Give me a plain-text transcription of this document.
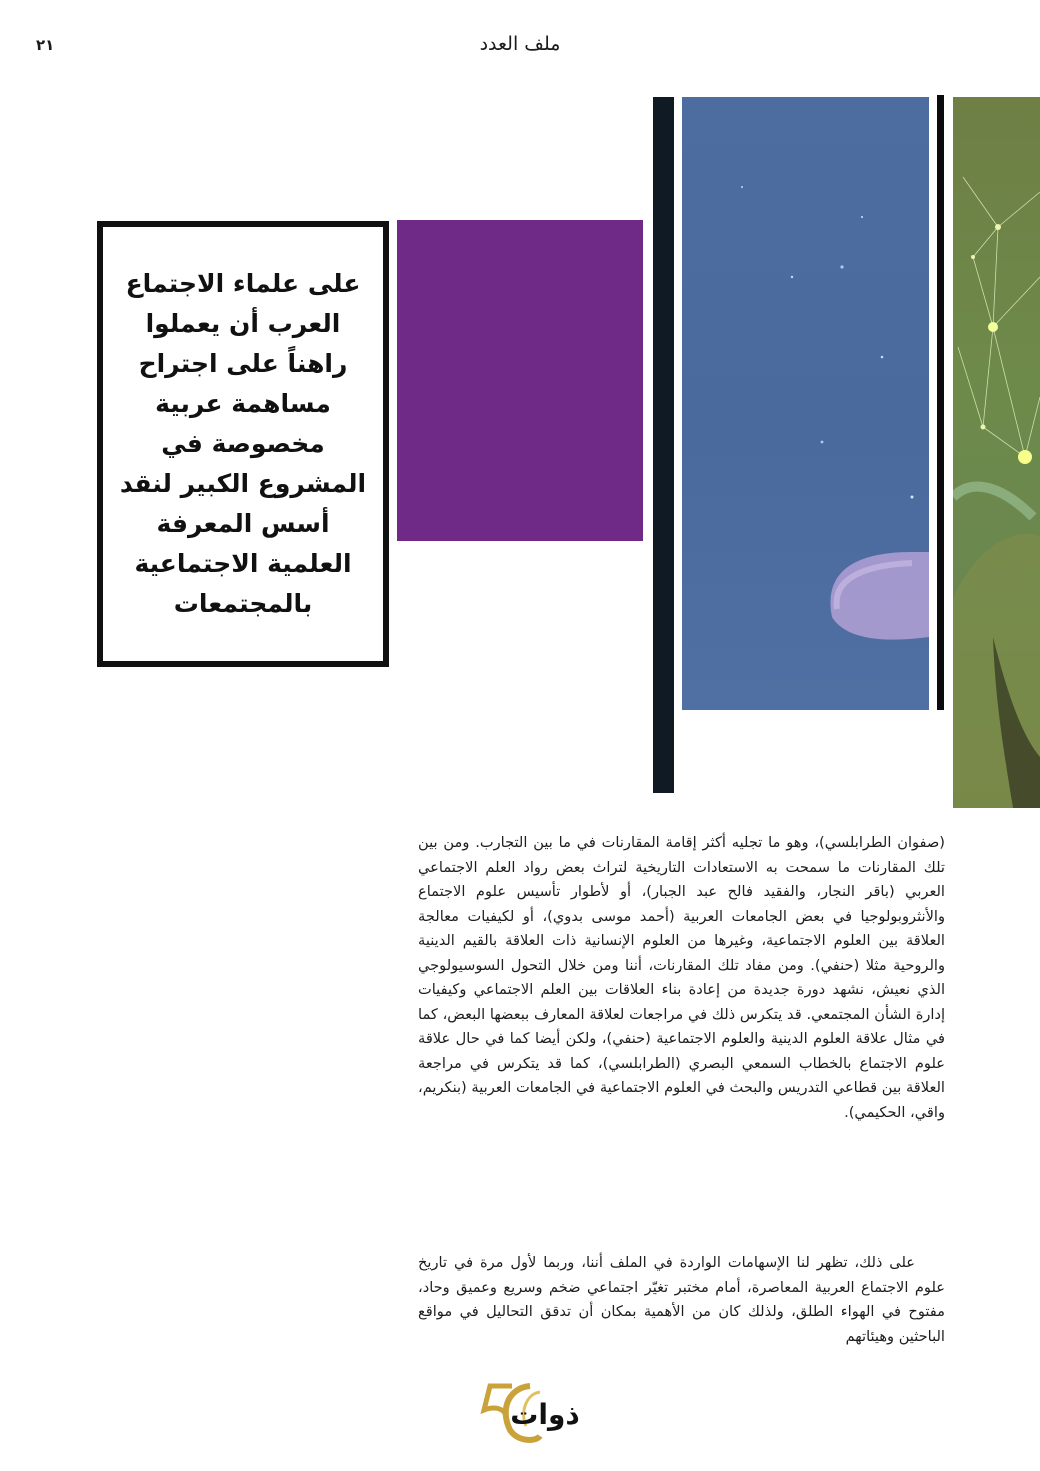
٢١	ملف العدد
على علماء الاجتماع العرب أن يعملوا راهناً على اجتراح مساهمة عربية مخصوصة في المشروع الكبير لنقد أسس المعرفة العلمية الاجتماعية بالمجتمعات

(صفوان الطرابلسي)، وهو ما تجليه أكثر إقامة المقارنات في ما بين التجارب. ومن بين تلك المقارنات ما سمحت به الاستعادات التاريخية لتراث بعض رواد العلم الاجتماعي العربي (باقر النجار، والفقيد فالح عبد الجبار)، أو لأطوار تأسيس علوم الاجتماع والأنثروبولوجيا في بعض الجامعات العربية (أحمد موسى بدوي)، أو لكيفيات معالجة العلاقة بين العلوم الاجتماعية، وغيرها من العلوم الإنسانية ذات العلاقة بالقيم الدينية والروحية مثلا (حنفي). ومن مفاد تلك المقارنات، أننا ومن خلال التحول السوسيولوجي الذي نعيش، نشهد دورة جديدة من إعادة بناء العلاقات بين العلم الاجتماعي وكيفيات إدارة الشأن المجتمعي. قد يتكرس ذلك في مراجعات لعلاقة المعارف ببعضها البعض، كما في مثال علاقة العلوم الدينية والعلوم الاجتماعية (حنفي)، ولكن أيضا كما في حال علاقة علوم الاجتماع بالخطاب السمعي البصري (الطرابلسي)، كما قد يتكرس في مراجعة العلاقة بين قطاعي التدريس والبحث في العلوم الاجتماعية في الجامعات العربية (بنكريم، واقي، الحكيمي).

على ذلك، تظهر لنا الإسهامات الواردة في الملف أننا، وربما لأول مرة في تاريخ علوم الاجتماع العربية المعاصرة، أمام مختبر تغيّر اجتماعي ضخم وسريع وعميق وحاد، مفتوح في الهواء الطلق، ولذلك كان من الأهمية بمكان أن تدقق التحاليل في مواقع الباحثين وهيئاتهم

ذوات
